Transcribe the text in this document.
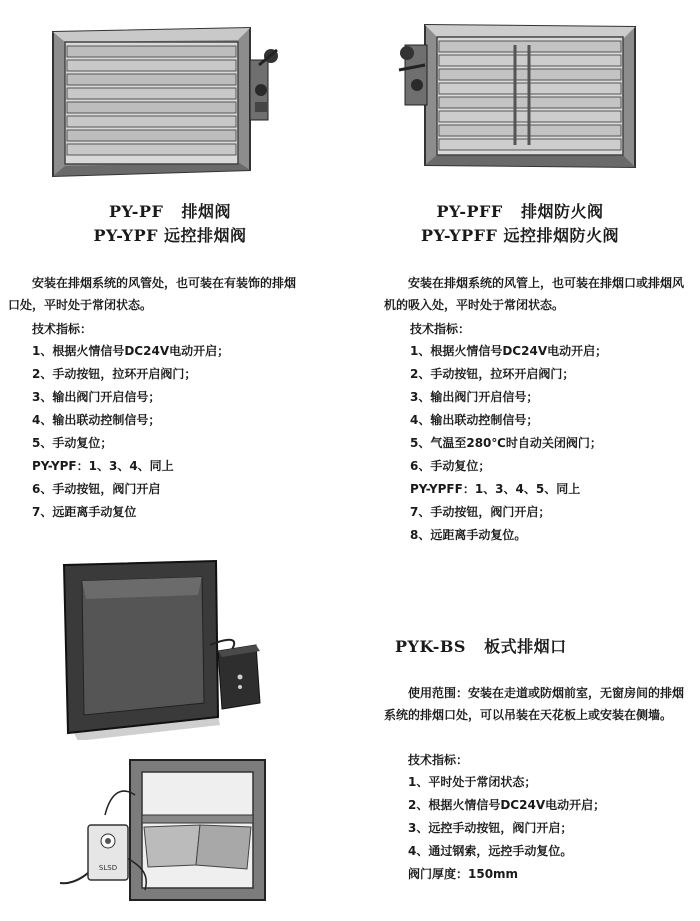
PY-PF   排烟阀
PY-YPF 远控排烟阀
安装在排烟系统的风管处，也可装在有装饰的排烟口处，平时处于常闭状态。
技术指标：
1、根据火情信号DC24V电动开启；
2、手动按钮，拉环开启阀门；
3、输出阀门开启信号；
4、输出联动控制信号；
5、手动复位；
PY-YPF：1、3、4、同上
6、手动按钮，阀门开启
7、远距离手动复位
PY-PFF   排烟防火阀
PY-YPFF 远控排烟防火阀
安装在排烟系统的风管上，也可装在排烟口或排烟风机的吸入处，平时处于常闭状态。
技术指标：
1、根据火情信号DC24V电动开启；
2、手动按钮，拉环开启阀门；
3、输出阀门开启信号；
4、输出联动控制信号；
5、气温至280℃时自动关闭阀门；
6、手动复位；
PY-YPFF：1、3、4、5、同上
7、手动按钮，阀门开启；
8、远距离手动复位。
SLSD
PYK-BS   板式排烟口
使用范围：安装在走道或防烟前室，无窗房间的排烟系统的排烟口处，可以吊装在天花板上或安装在侧墙。
技术指标：
1、平时处于常闭状态；
2、根据火情信号DC24V电动开启；
3、远控手动按钮，阀门开启；
4、通过钢索，远控手动复位。
阀门厚度：150mm
